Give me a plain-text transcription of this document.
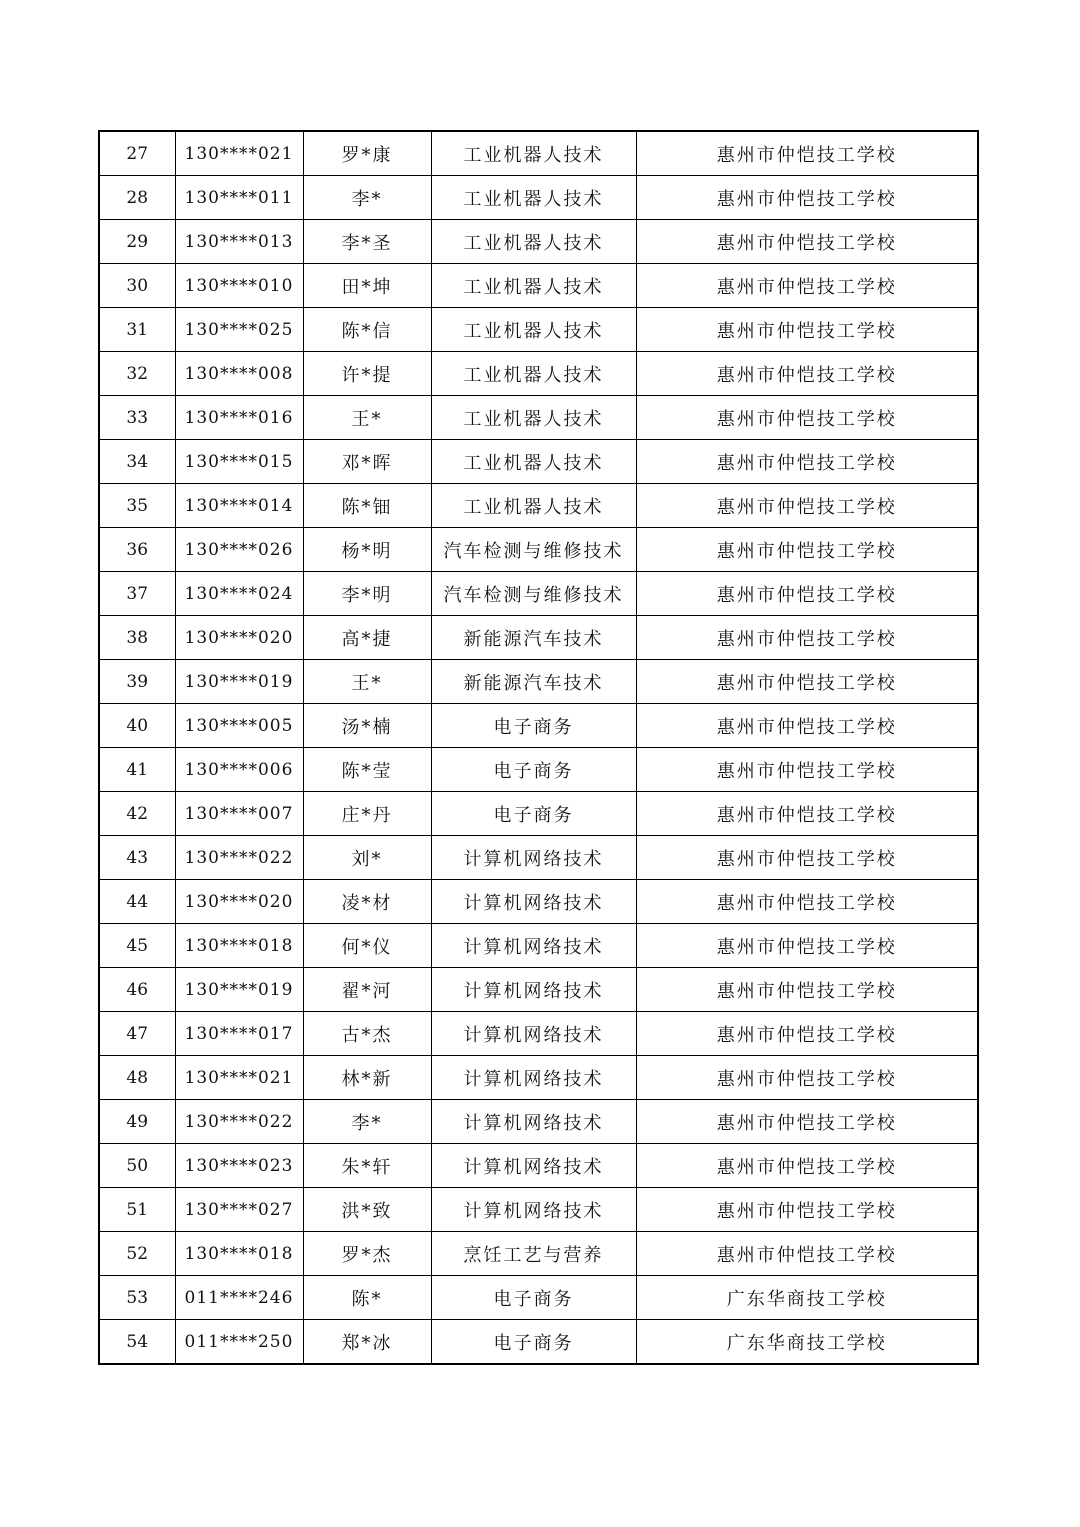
27	130****021	罗*康	工业机器人技术	惠州市仲恺技工学校
28	130****011	李*	工业机器人技术	惠州市仲恺技工学校
29	130****013	李*圣	工业机器人技术	惠州市仲恺技工学校
30	130****010	田*坤	工业机器人技术	惠州市仲恺技工学校
31	130****025	陈*信	工业机器人技术	惠州市仲恺技工学校
32	130****008	许*提	工业机器人技术	惠州市仲恺技工学校
33	130****016	王*	工业机器人技术	惠州市仲恺技工学校
34	130****015	邓*晖	工业机器人技术	惠州市仲恺技工学校
35	130****014	陈*钿	工业机器人技术	惠州市仲恺技工学校
36	130****026	杨*明	汽车检测与维修技术	惠州市仲恺技工学校
37	130****024	李*明	汽车检测与维修技术	惠州市仲恺技工学校
38	130****020	高*捷	新能源汽车技术	惠州市仲恺技工学校
39	130****019	王*	新能源汽车技术	惠州市仲恺技工学校
40	130****005	汤*楠	电子商务	惠州市仲恺技工学校
41	130****006	陈*莹	电子商务	惠州市仲恺技工学校
42	130****007	庄*丹	电子商务	惠州市仲恺技工学校
43	130****022	刘*	计算机网络技术	惠州市仲恺技工学校
44	130****020	凌*材	计算机网络技术	惠州市仲恺技工学校
45	130****018	何*仪	计算机网络技术	惠州市仲恺技工学校
46	130****019	翟*河	计算机网络技术	惠州市仲恺技工学校
47	130****017	古*杰	计算机网络技术	惠州市仲恺技工学校
48	130****021	林*新	计算机网络技术	惠州市仲恺技工学校
49	130****022	李*	计算机网络技术	惠州市仲恺技工学校
50	130****023	朱*轩	计算机网络技术	惠州市仲恺技工学校
51	130****027	洪*致	计算机网络技术	惠州市仲恺技工学校
52	130****018	罗*杰	烹饪工艺与营养	惠州市仲恺技工学校
53	011****246	陈*	电子商务	广东华商技工学校
54	011****250	郑*冰	电子商务	广东华商技工学校
